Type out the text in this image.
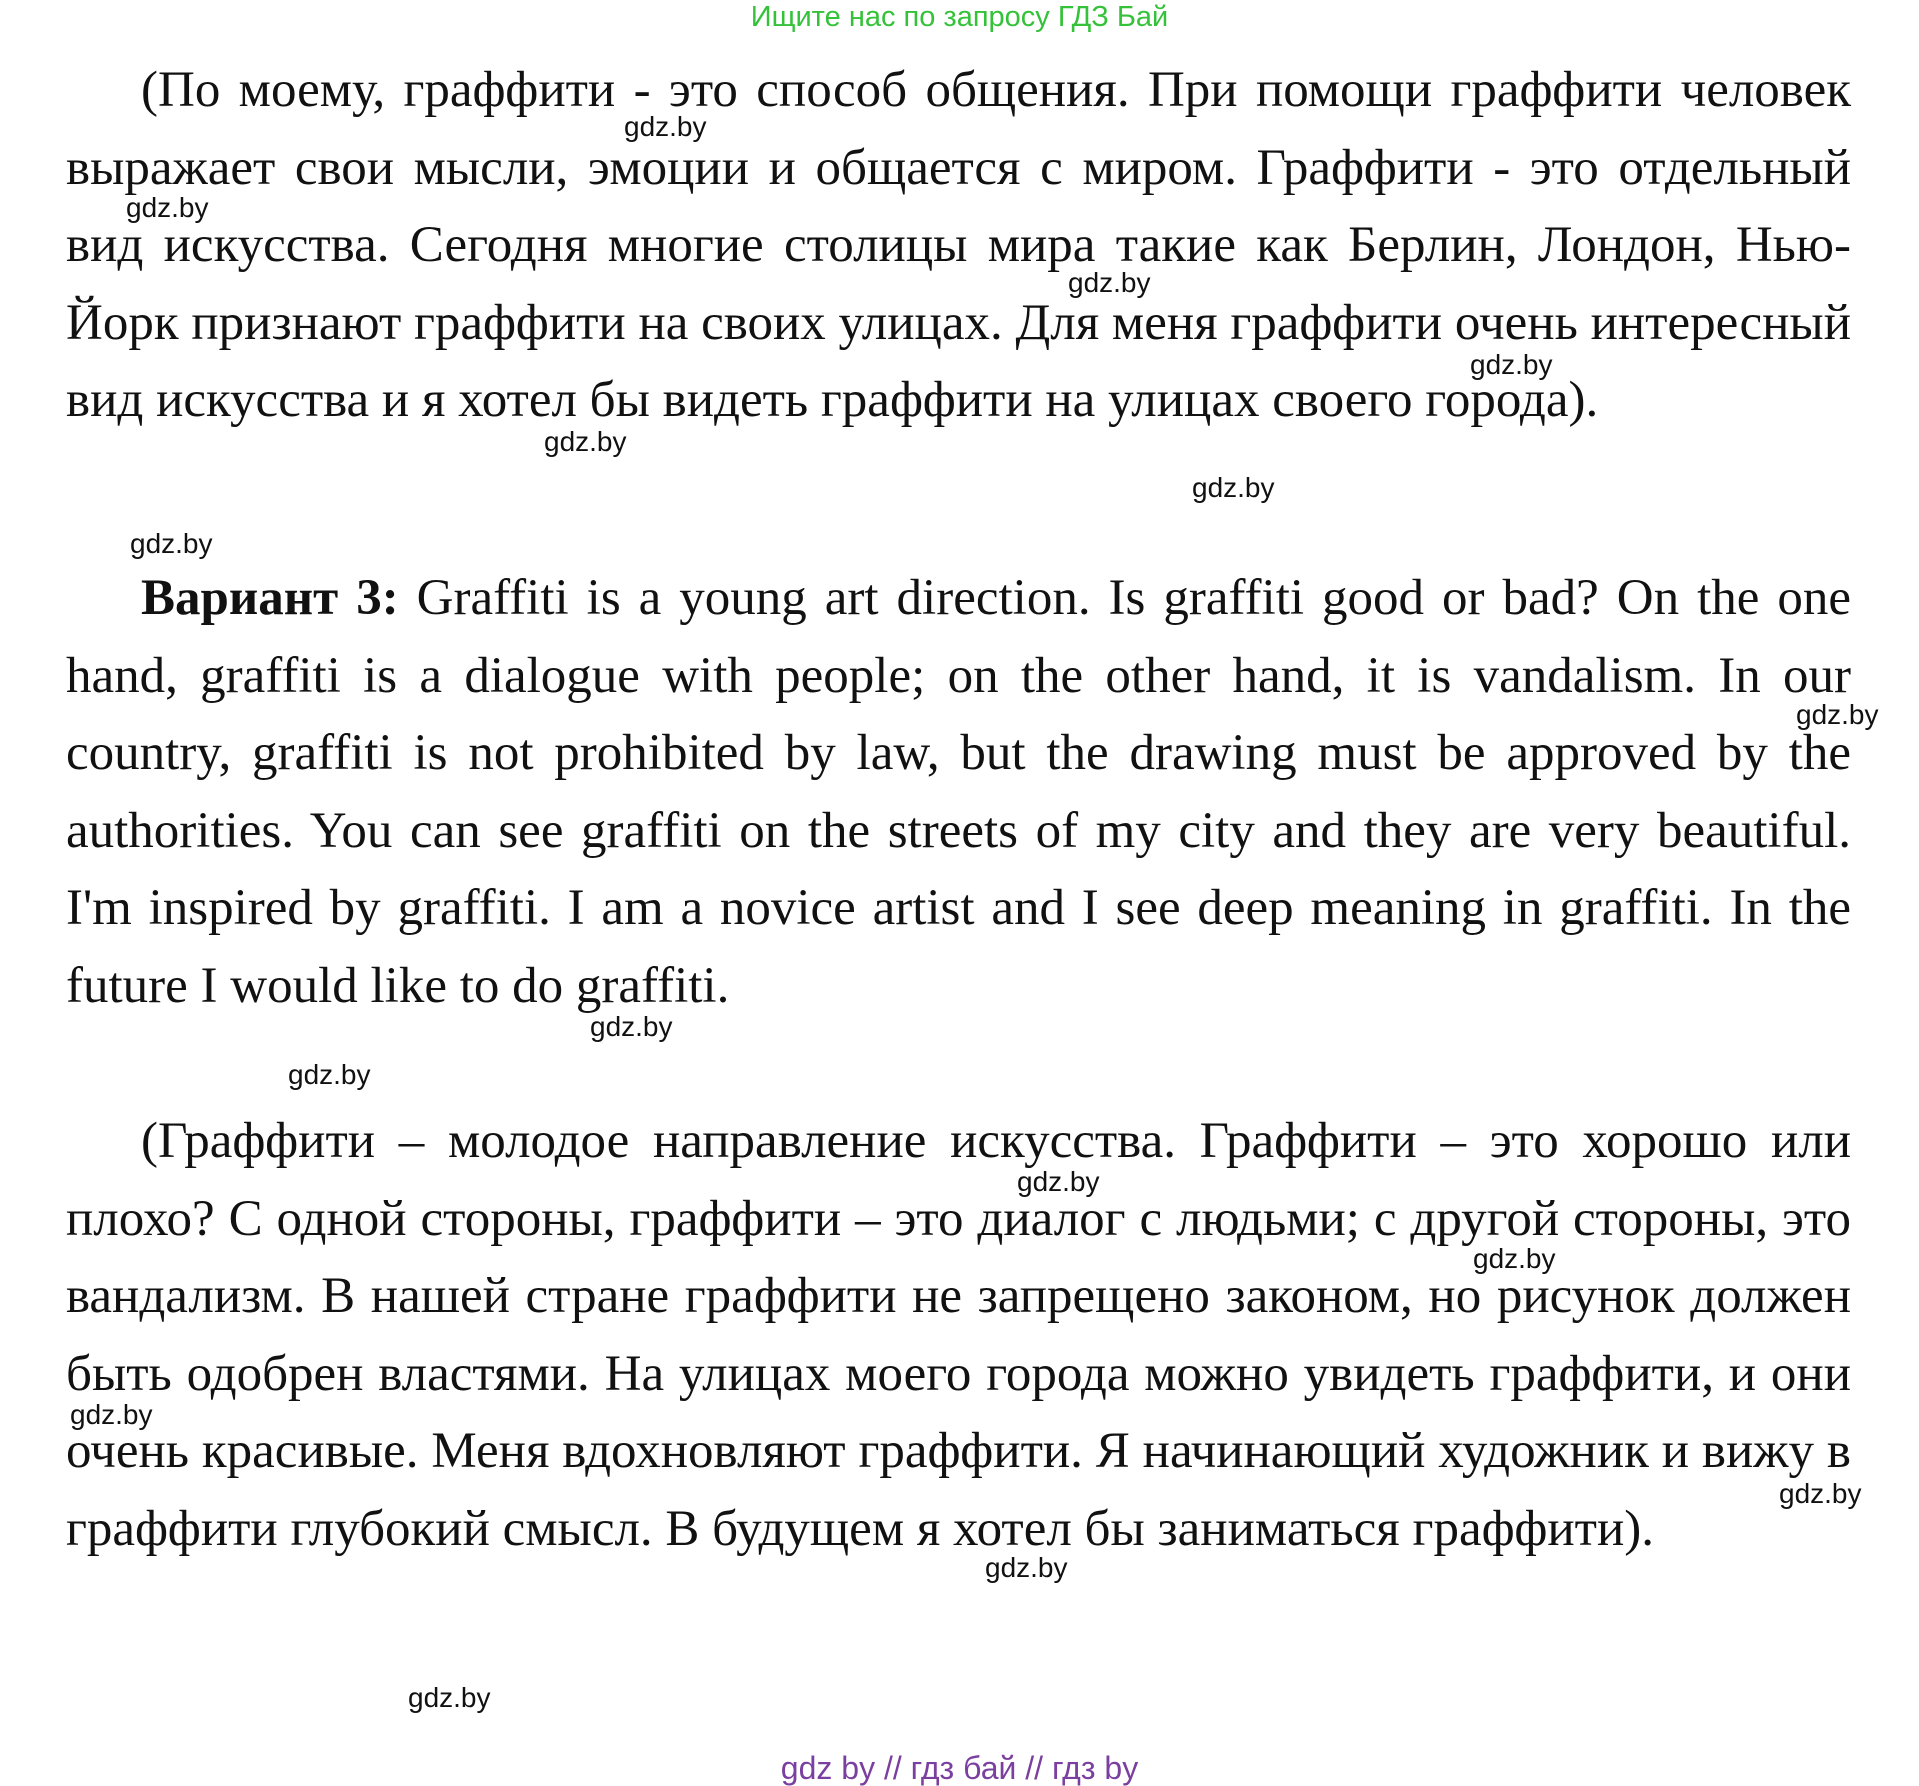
Ищите нас по запросу ГДЗ Бай

(По моему, граффити - это способ общения. При помощи граффити человек выражает свои мысли, эмоции и общается с миром. Граффити - это отдельный вид искусства. Сегодня многие столицы мира такие как Берлин, Лондон, Нью-Йорк признают граффити на своих улицах. Для меня граффити очень интересный вид искусства и я хотел бы видеть граффити на улицах своего города).

Вариант 3: Graffiti is a young art direction. Is graffiti good or bad? On the one hand, graffiti is a dialogue with people; on the other hand, it is vandalism. In our country, graffiti is not prohibited by law, but the drawing must be approved by the authorities. You can see graffiti on the streets of my city and they are very beautiful. I'm inspired by graffiti. I am a novice artist and I see deep meaning in graffiti. In the future I would like to do graffiti.

(Граффити – молодое направление искусства. Граффити – это хорошо или плохо? С одной стороны, граффити – это диалог с людьми; с другой стороны, это вандализм. В нашей стране граффити не запрещено законом, но рисунок должен быть одобрен властями. На улицах моего города можно увидеть граффити, и они очень красивые. Меня вдохновляют граффити. Я начинающий художник и вижу в граффити глубокий смысл. В будущем я хотел бы заниматься граффити).

gdz.by
gdz.by
gdz.by
gdz.by
gdz.by
gdz.by
gdz.by
gdz.by
gdz.by
gdz.by
gdz.by
gdz.by
gdz.by
gdz.by
gdz.by
gdz.by
gdz by // гдз бай // гдз by
